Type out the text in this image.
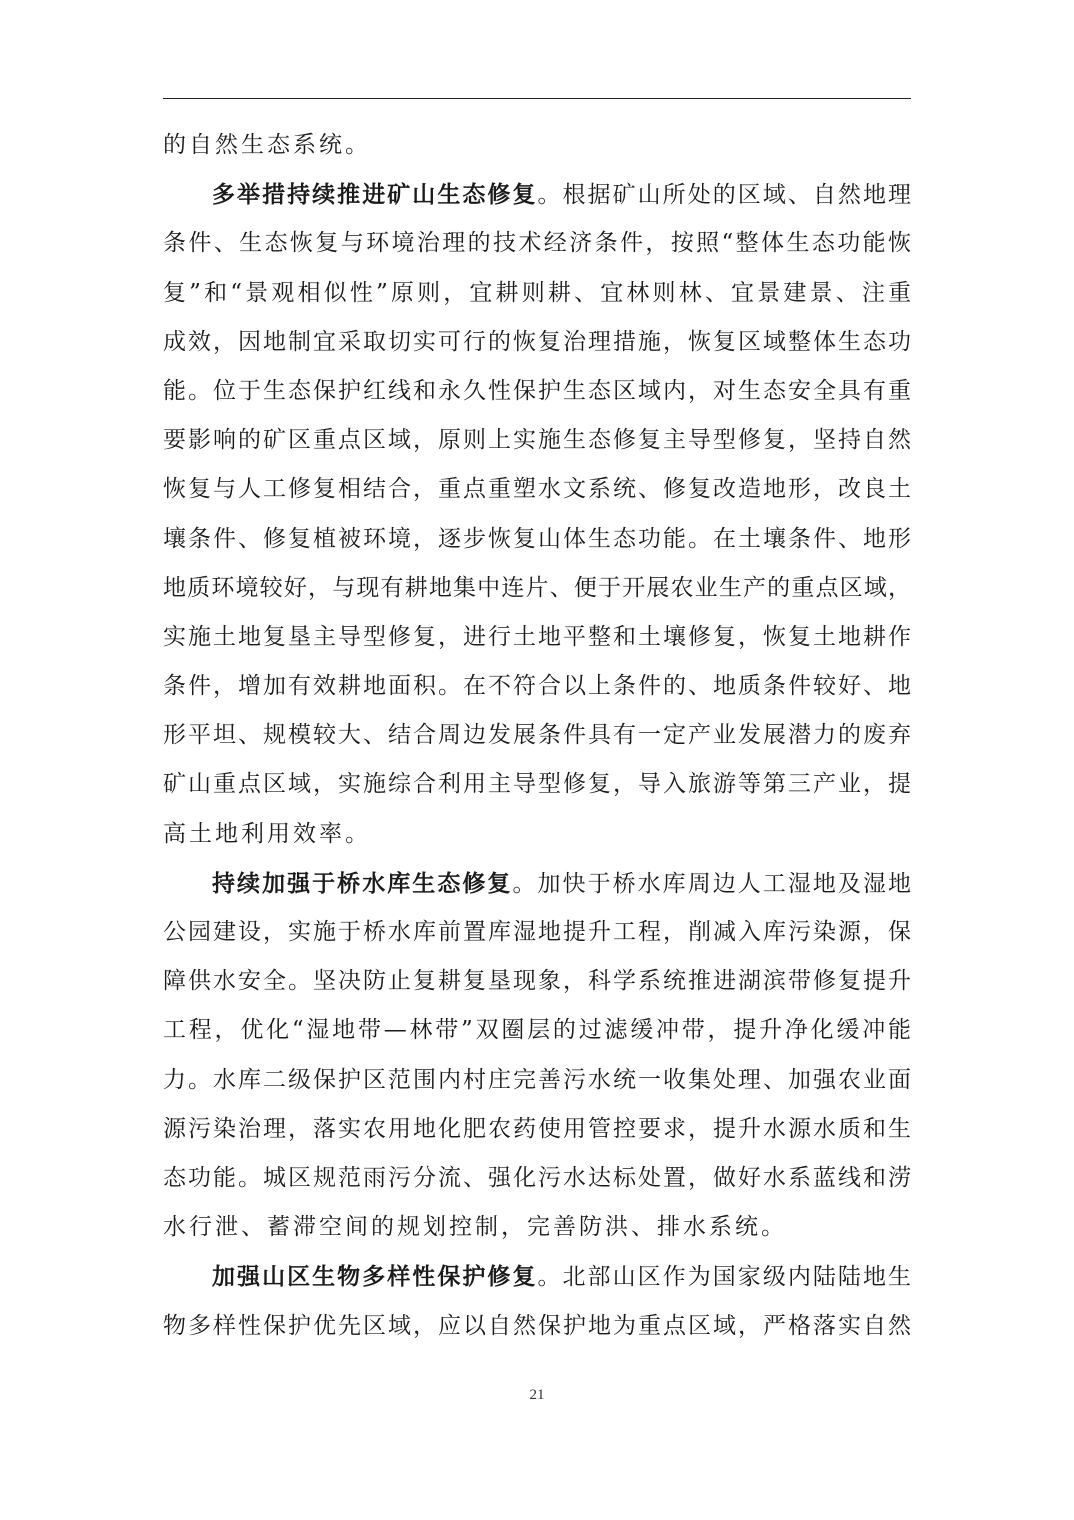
的自然生态系统。
多举措持续推进矿山生态修复。根据矿山所处的区域、自然地理
条件、生态恢复与环境治理的技术经济条件，按照“整体生态功能恢
复”和“景观相似性”原则，宜耕则耕、宜林则林、宜景建景、注重
成效，因地制宜采取切实可行的恢复治理措施，恢复区域整体生态功
能。位于生态保护红线和永久性保护生态区域内，对生态安全具有重
要影响的矿区重点区域，原则上实施生态修复主导型修复，坚持自然
恢复与人工修复相结合，重点重塑水文系统、修复改造地形，改良土
壤条件、修复植被环境，逐步恢复山体生态功能。在土壤条件、地形
地质环境较好，与现有耕地集中连片、便于开展农业生产的重点区域，
实施土地复垦主导型修复，进行土地平整和土壤修复，恢复土地耕作
条件，增加有效耕地面积。在不符合以上条件的、地质条件较好、地
形平坦、规模较大、结合周边发展条件具有一定产业发展潜力的废弃
矿山重点区域，实施综合利用主导型修复，导入旅游等第三产业，提
高土地利用效率。
持续加强于桥水库生态修复。加快于桥水库周边人工湿地及湿地
公园建设，实施于桥水库前置库湿地提升工程，削减入库污染源，保
障供水安全。坚决防止复耕复垦现象，科学系统推进湖滨带修复提升
工程，优化“湿地带—林带”双圈层的过滤缓冲带，提升净化缓冲能
力。水库二级保护区范围内村庄完善污水统一收集处理、加强农业面
源污染治理，落实农用地化肥农药使用管控要求，提升水源水质和生
态功能。城区规范雨污分流、强化污水达标处置，做好水系蓝线和涝
水行泄、蓄滞空间的规划控制，完善防洪、排水系统。
加强山区生物多样性保护修复。北部山区作为国家级内陆陆地生
物多样性保护优先区域，应以自然保护地为重点区域，严格落实自然
21
